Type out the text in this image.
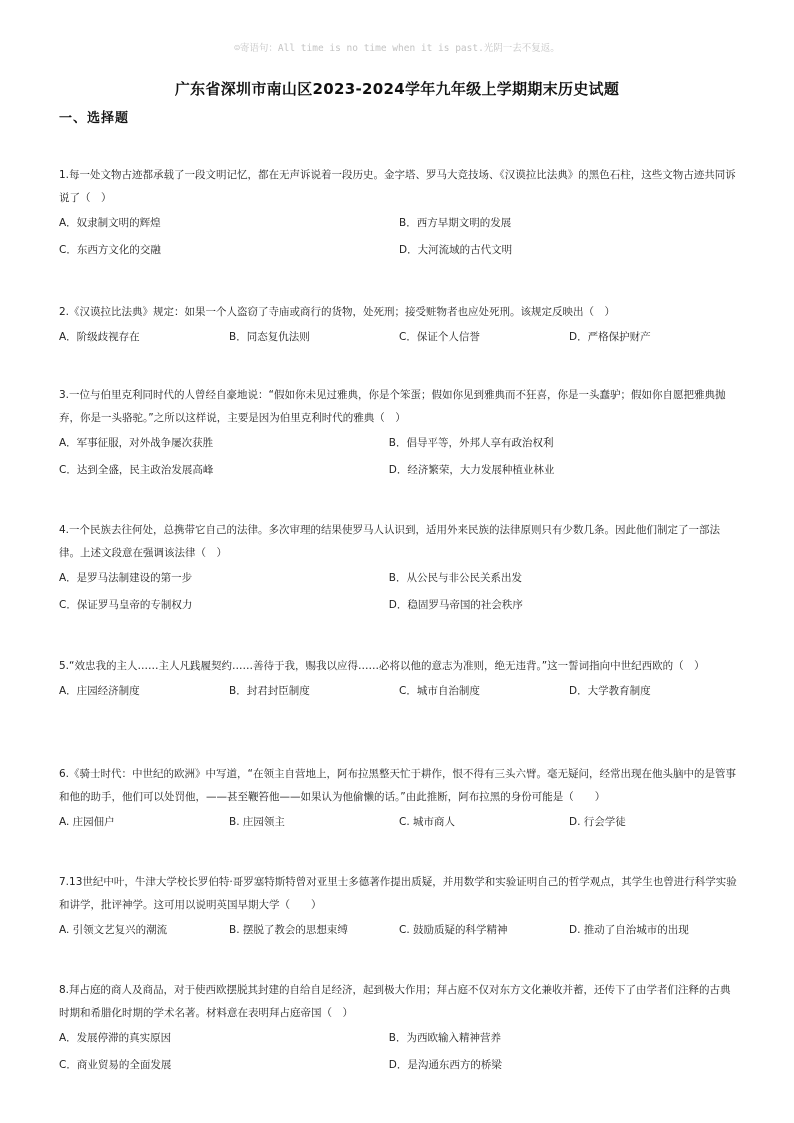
☺寄语句：All time is no time when it is past.光阴一去不复返。
广东省深圳市南山区2023-2024学年九年级上学期期末历史试题
一、选择题

1.每一处文物古迹都承载了一段文明记忆，都在无声诉说着一段历史。金字塔、罗马大竞技场、《汉谟拉比法典》的黑色石柱，这些文物古迹共同诉说了（　）

A．奴隶制文明的辉煌	B．西方早期文明的发展
C．东西方文化的交融	D．大河流域的古代文明

2.《汉谟拉比法典》规定：如果一个人盗窃了寺庙或商行的货物，处死刑；接受赃物者也应处死刑。该规定反映出（　）

A．阶级歧视存在	B．同态复仇法则	C．保证个人信誉	D．严格保护财产

3.一位与伯里克利同时代的人曾经自豪地说：“假如你未见过雅典，你是个笨蛋；假如你见到雅典而不狂喜，你是一头蠢驴；假如你自愿把雅典抛弃，你是一头骆驼。”之所以这样说，主要是因为伯里克利时代的雅典（　）

A．军事征服，对外战争屡次获胜	B．倡导平等，外邦人享有政治权利
C．达到全盛，民主政治发展高峰	D．经济繁荣，大力发展种植业林业

4.一个民族去往何处，总携带它自己的法律。多次审理的结果使罗马人认识到，适用外来民族的法律原则只有少数几条。因此他们制定了一部法律。上述文段意在强调该法律（　）

A．是罗马法制建设的第一步	B．从公民与非公民关系出发
C．保证罗马皇帝的专制权力	D．稳固罗马帝国的社会秩序

5.“效忠我的主人……主人凡践履契约……善待于我，赐我以应得……必将以他的意志为准则，绝无违背。”这一誓词指向中世纪西欧的（　）

A．庄园经济制度	B．封君封臣制度	C．城市自治制度	D．大学教育制度

6.《骑士时代：中世纪的欧洲》中写道，“在领主自营地上，阿布拉黑整天忙于耕作，恨不得有三头六臂。毫无疑问，经常出现在他头脑中的是管事和他的助手，他们可以处罚他，——甚至鞭笞他——如果认为他偷懒的话。”由此推断，阿布拉黑的身份可能是（　　）

A. 庄园佃户	B. 庄园领主	C. 城市商人	D. 行会学徒

7.13世纪中叶，牛津大学校长罗伯特·哥罗塞特斯特曾对亚里士多德著作提出质疑，并用数学和实验证明自己的哲学观点，其学生也曾进行科学实验和讲学，批评神学。这可用以说明英国早期大学（　　）

A. 引领文艺复兴的潮流	B. 摆脱了教会的思想束缚	C. 鼓励质疑的科学精神	D. 推动了自治城市的出现

8.拜占庭的商人及商品，对于使西欧摆脱其封建的自给自足经济，起到极大作用；拜占庭不仅对东方文化兼收并蓄，还传下了由学者们注释的古典时期和希腊化时期的学术名著。材料意在表明拜占庭帝国（　）

A．发展停滞的真实原因	B．为西欧输入精神营养
C．商业贸易的全面发展	D．是沟通东西方的桥梁
